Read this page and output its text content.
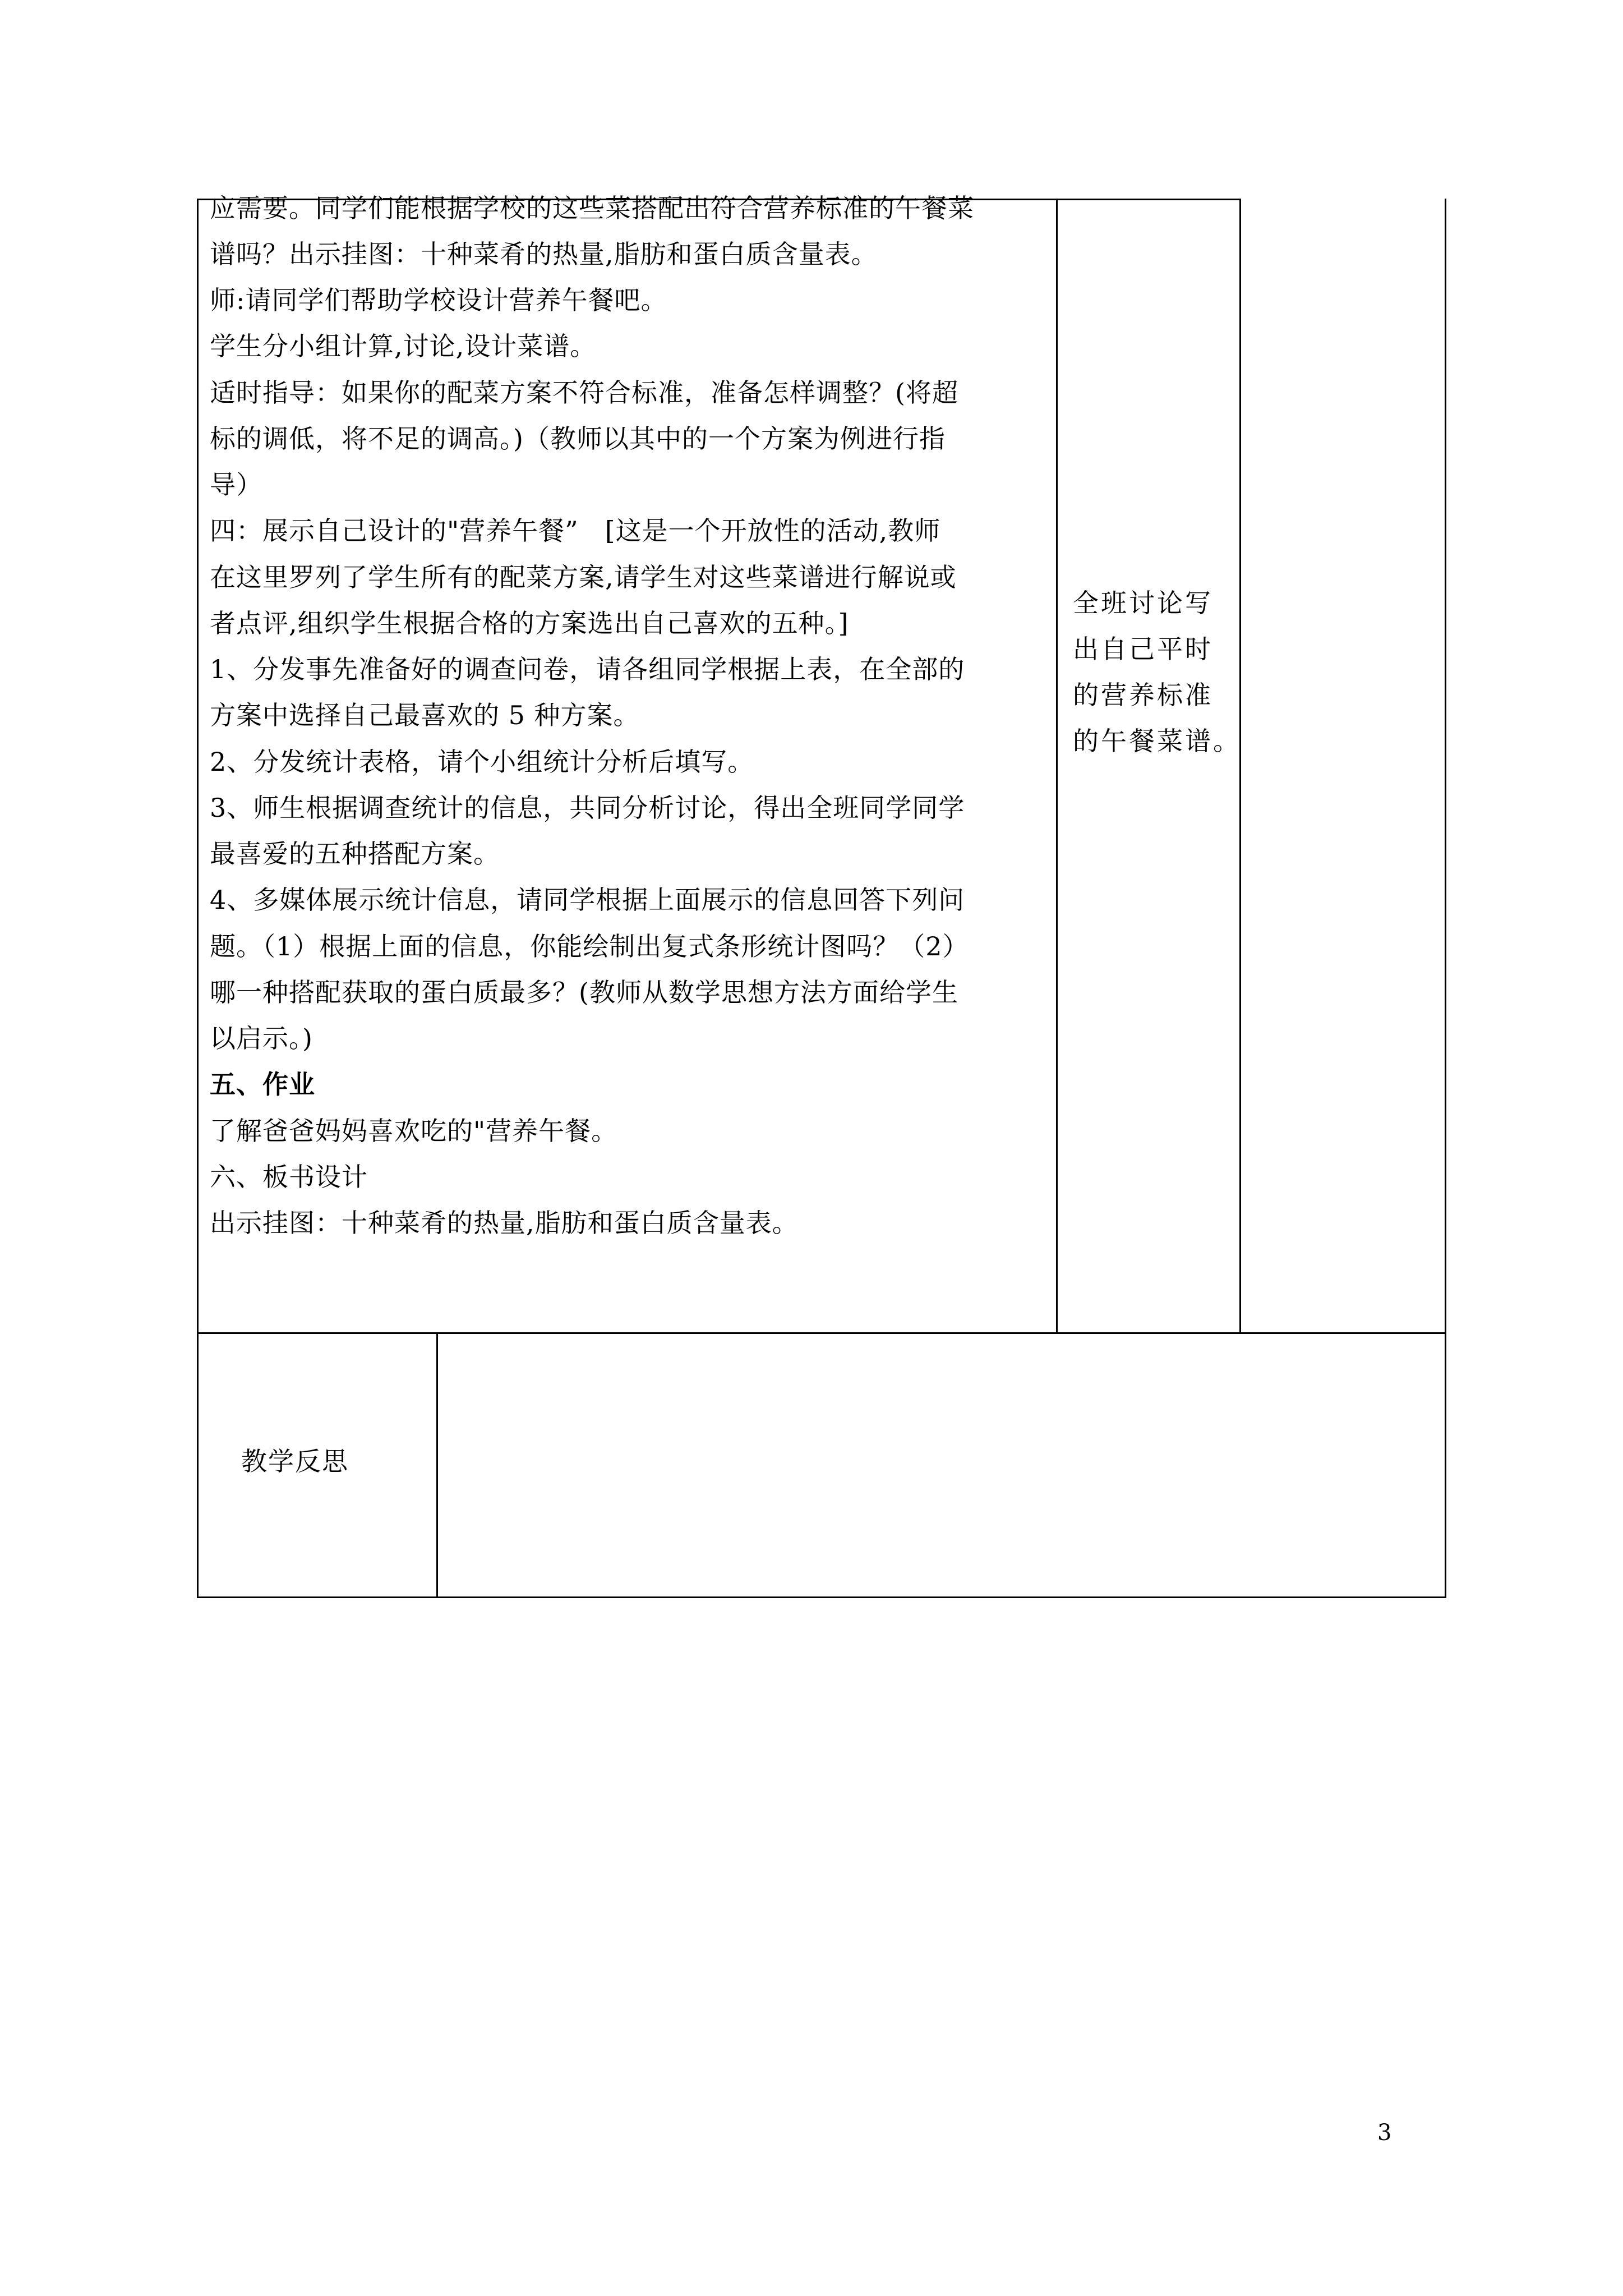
应需要。同学们能根据学校的这些菜搭配出符合营养标准的午餐菜
谱吗？出示挂图：十种菜肴的热量,脂肪和蛋白质含量表。
师:请同学们帮助学校设计营养午餐吧。
学生分小组计算,讨论,设计菜谱。
适时指导：如果你的配菜方案不符合标准，准备怎样调整？(将超
标的调低，将不足的调高。)（教师以其中的一个方案为例进行指
导）
四：展示自己设计的"营养午餐”　[这是一个开放性的活动,教师
在这里罗列了学生所有的配菜方案,请学生对这些菜谱进行解说或
者点评,组织学生根据合格的方案选出自己喜欢的五种。]
1、分发事先准备好的调查问卷，请各组同学根据上表，在全部的
方案中选择自己最喜欢的 5 种方案。
2、分发统计表格，请个小组统计分析后填写。
3、师生根据调查统计的信息，共同分析讨论，得出全班同学同学
最喜爱的五种搭配方案。
4、多媒体展示统计信息，请同学根据上面展示的信息回答下列问
题。（1）根据上面的信息，你能绘制出复式条形统计图吗？（2）
哪一种搭配获取的蛋白质最多？(教师从数学思想方法方面给学生
以启示。)
五、作业
了解爸爸妈妈喜欢吃的"营养午餐。
六、板书设计
出示挂图：十种菜肴的热量,脂肪和蛋白质含量表。
全班讨论写
出自己平时
的营养标准
的午餐菜谱。
教学反思
3
